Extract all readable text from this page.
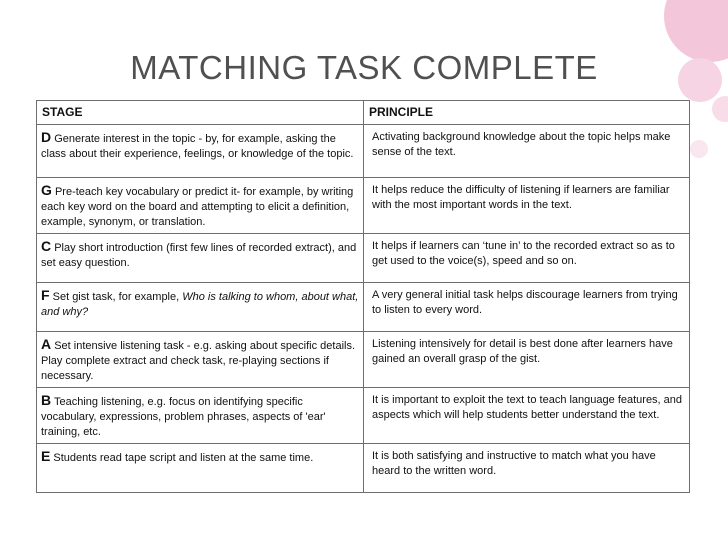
MATCHING TASK COMPLETE
STAGE	PRINCIPLE
D Generate interest in the topic - by, for example, asking the class about their experience, feelings, or knowledge of the topic.	Activating background knowledge about the topic helps make sense of the text.
G Pre-teach key vocabulary or predict it- for example, by writing each key word on the board and attempting to elicit a definition, example, synonym, or translation.	It helps reduce the difficulty of listening if learners are familiar with the most important words in the text.
C Play short introduction (first few lines of recorded extract), and set easy question.	It helps if learners can ‘tune in’ to the recorded extract so as to get used to the voice(s), speed and so on.
F Set gist task, for example, Who is talking to whom, about what, and why?	A very general initial task helps discourage learners from trying to listen to every word.
A Set intensive listening task - e.g. asking about specific details. Play complete extract and check task, re-playing sections if necessary.	Listening intensively for detail is best done after learners have gained an overall grasp of the gist.
B Teaching listening, e.g. focus on identifying specific vocabulary, expressions, problem phrases, aspects of 'ear' training, etc.	It is important to exploit the text to teach language features, and aspects which will help students better understand the text.
E Students read tape script and listen at the same time.	It is both satisfying and instructive to match what you have heard to the written word.
